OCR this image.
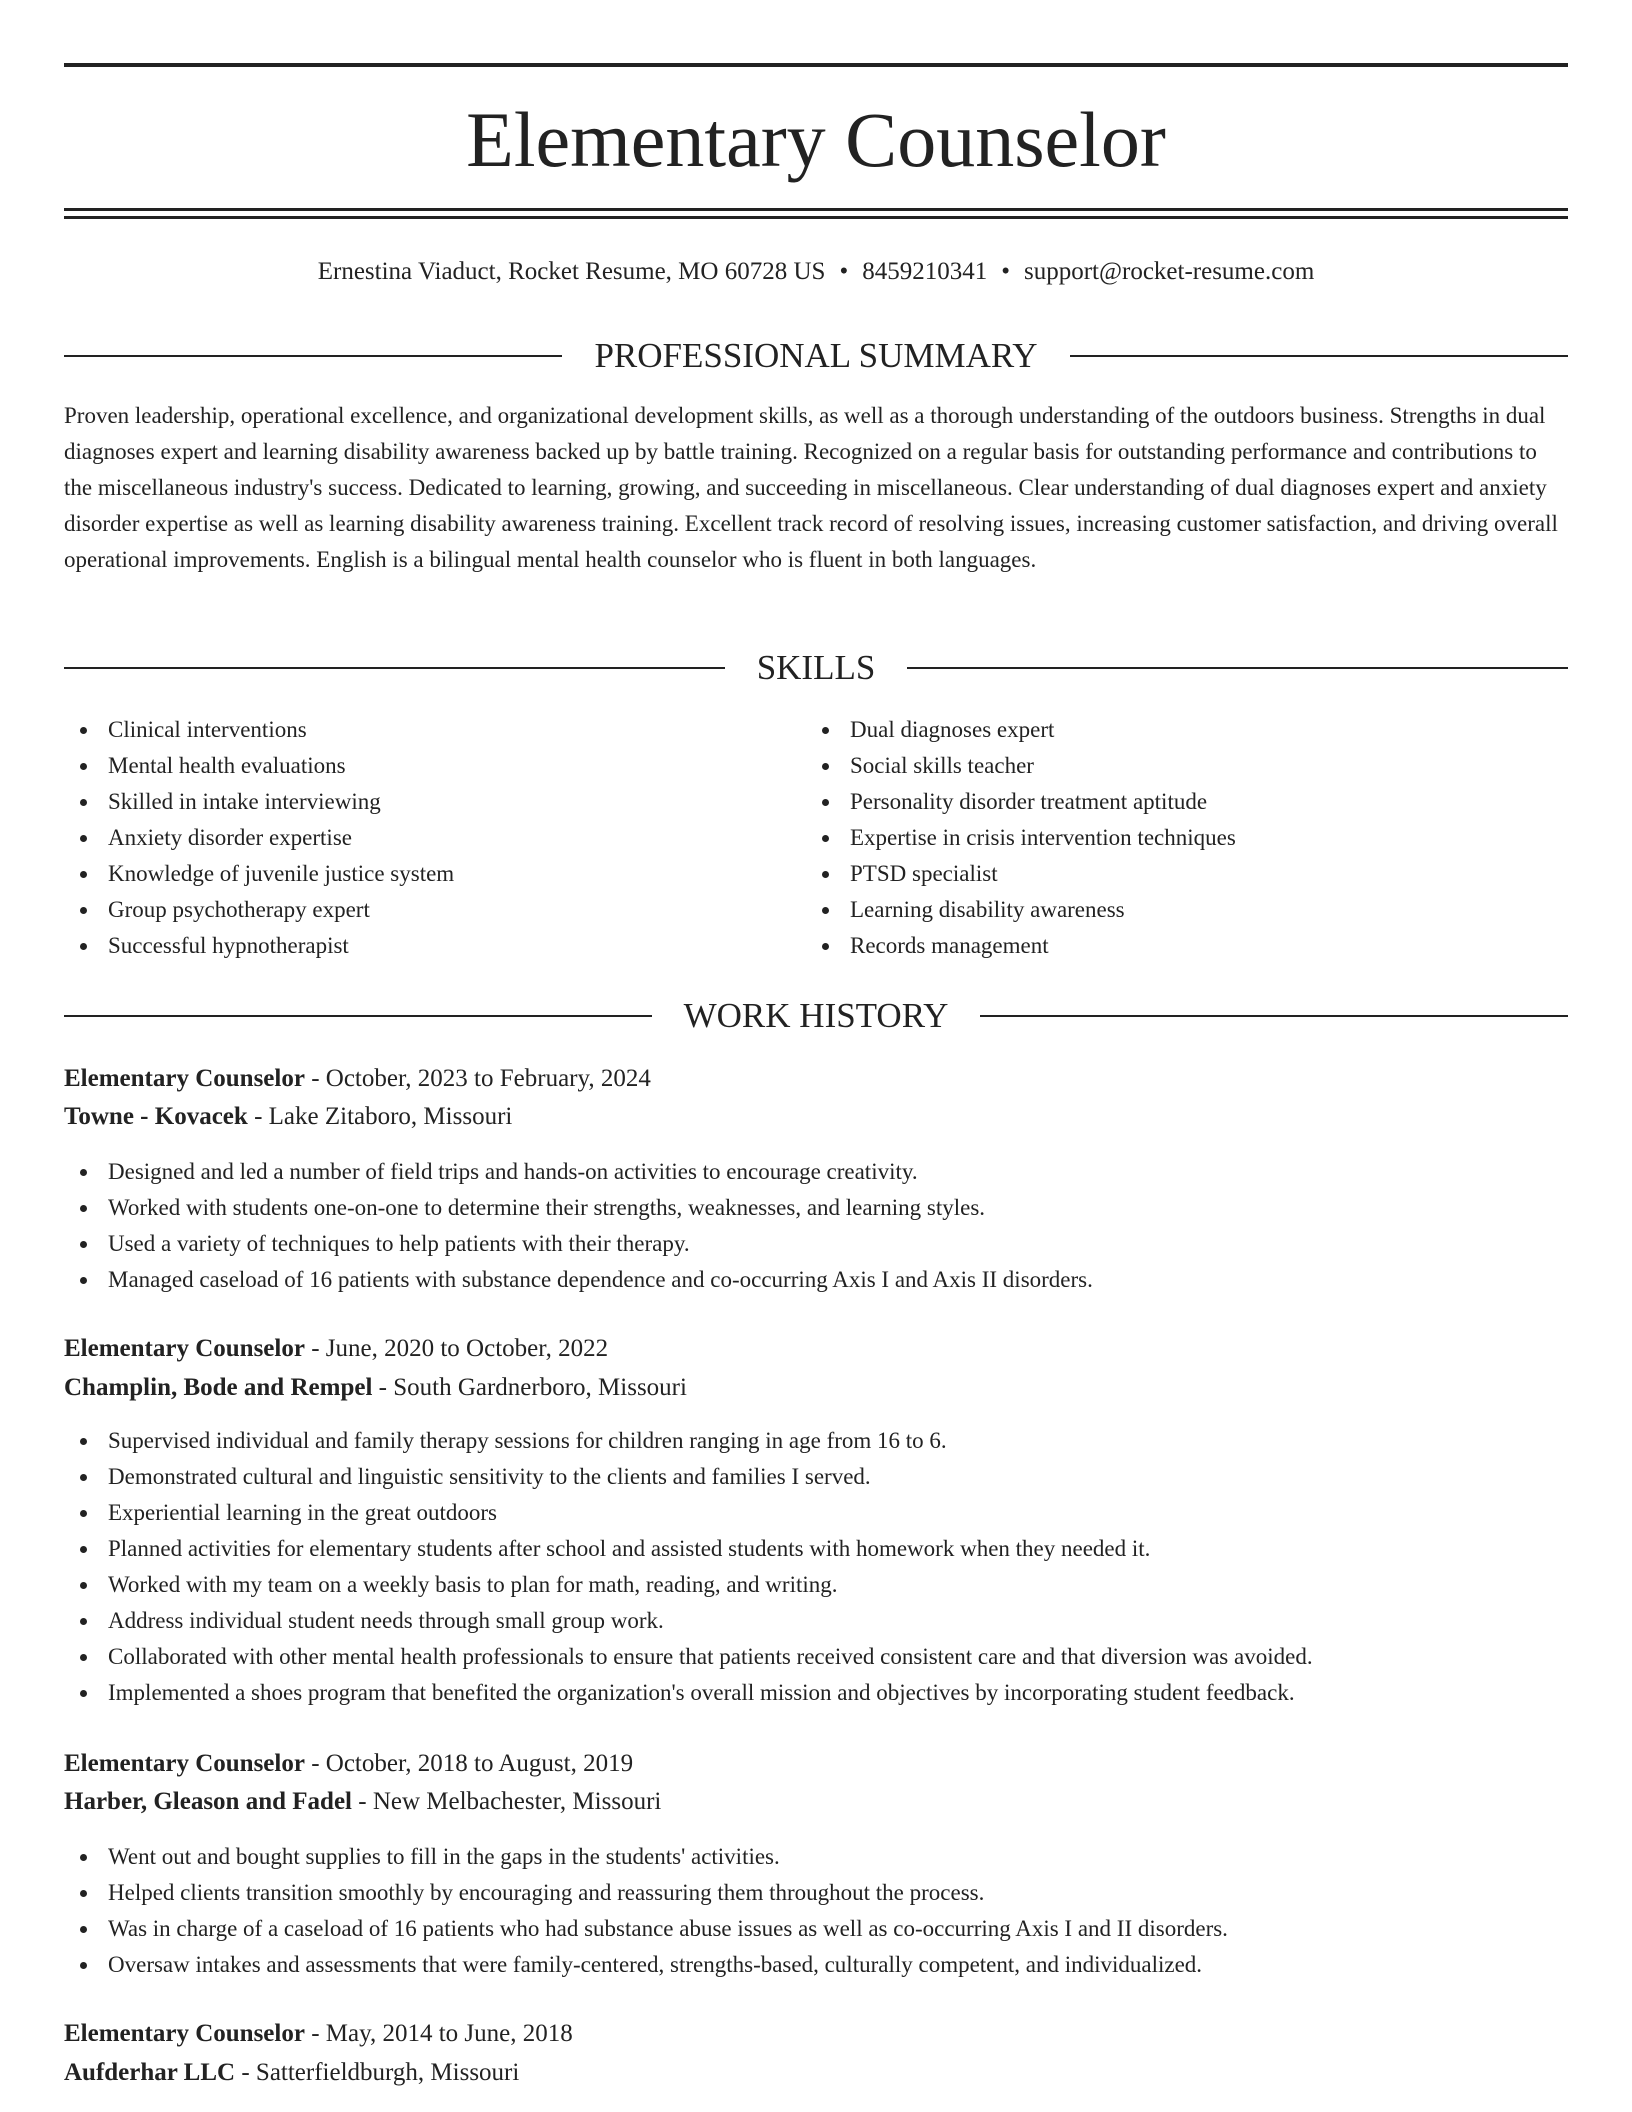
Elementary Counselor
Ernestina Viaduct, Rocket Resume, MO 60728 US • 8459210341 • support@rocket-resume.com
PROFESSIONAL SUMMARY
Proven leadership, operational excellence, and organizational development skills, as well as a thorough understanding of the outdoors business. Strengths in dual diagnoses expert and learning disability awareness backed up by battle training. Recognized on a regular basis for outstanding performance and contributions to the miscellaneous industry's success. Dedicated to learning, growing, and succeeding in miscellaneous. Clear understanding of dual diagnoses expert and anxiety disorder expertise as well as learning disability awareness training. Excellent track record of resolving issues, increasing customer satisfaction, and driving overall operational improvements. English is a bilingual mental health counselor who is fluent in both languages.
SKILLS
Clinical interventions
Mental health evaluations
Skilled in intake interviewing
Anxiety disorder expertise
Knowledge of juvenile justice system
Group psychotherapy expert
Successful hypnotherapist
Dual diagnoses expert
Social skills teacher
Personality disorder treatment aptitude
Expertise in crisis intervention techniques
PTSD specialist
Learning disability awareness
Records management
WORK HISTORY
Elementary Counselor - October, 2023 to February, 2024
Towne - Kovacek - Lake Zitaboro, Missouri
Designed and led a number of field trips and hands-on activities to encourage creativity.
Worked with students one-on-one to determine their strengths, weaknesses, and learning styles.
Used a variety of techniques to help patients with their therapy.
Managed caseload of 16 patients with substance dependence and co-occurring Axis I and Axis II disorders.
Elementary Counselor - June, 2020 to October, 2022
Champlin, Bode and Rempel - South Gardnerboro, Missouri
Supervised individual and family therapy sessions for children ranging in age from 16 to 6.
Demonstrated cultural and linguistic sensitivity to the clients and families I served.
Experiential learning in the great outdoors
Planned activities for elementary students after school and assisted students with homework when they needed it.
Worked with my team on a weekly basis to plan for math, reading, and writing.
Address individual student needs through small group work.
Collaborated with other mental health professionals to ensure that patients received consistent care and that diversion was avoided.
Implemented a shoes program that benefited the organization's overall mission and objectives by incorporating student feedback.
Elementary Counselor - October, 2018 to August, 2019
Harber, Gleason and Fadel - New Melbachester, Missouri
Went out and bought supplies to fill in the gaps in the students' activities.
Helped clients transition smoothly by encouraging and reassuring them throughout the process.
Was in charge of a caseload of 16 patients who had substance abuse issues as well as co-occurring Axis I and II disorders.
Oversaw intakes and assessments that were family-centered, strengths-based, culturally competent, and individualized.
Elementary Counselor - May, 2014 to June, 2018
Aufderhar LLC - Satterfieldburgh, Missouri
